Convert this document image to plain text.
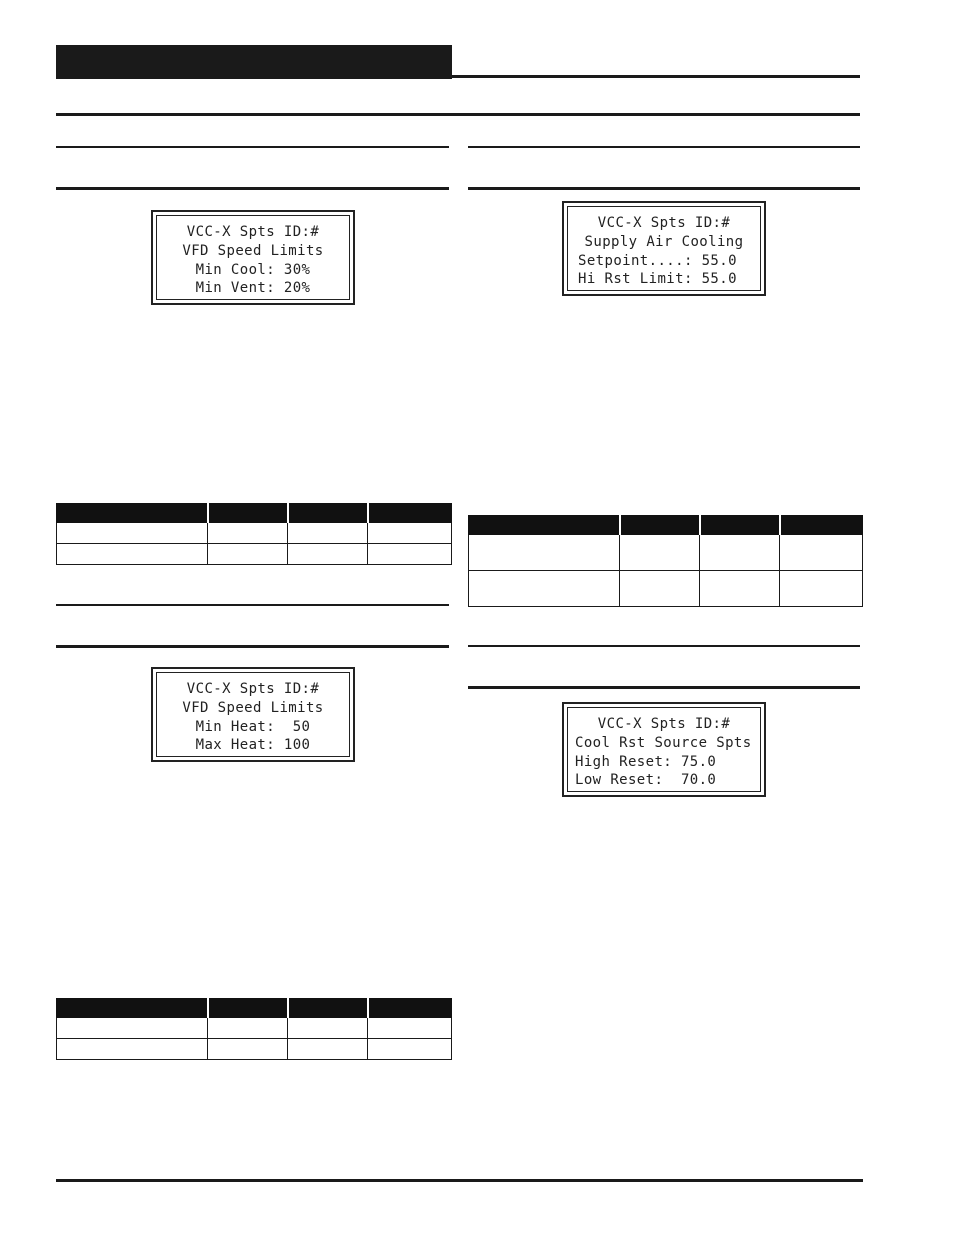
VCC-X Spts ID:#
VFD Speed Limits
Min Cool: 30%
Min Vent: 20%
VCC-X Spts ID:#
VFD Speed Limits
Min Heat:  50
Max Heat: 100
VCC-X Spts ID:#
Supply Air Cooling
Setpoint....: 55.0
Hi Rst Limit: 55.0
VCC-X Spts ID:#
Cool Rst Source Spts
High Reset: 75.0
Low Reset:  70.0
